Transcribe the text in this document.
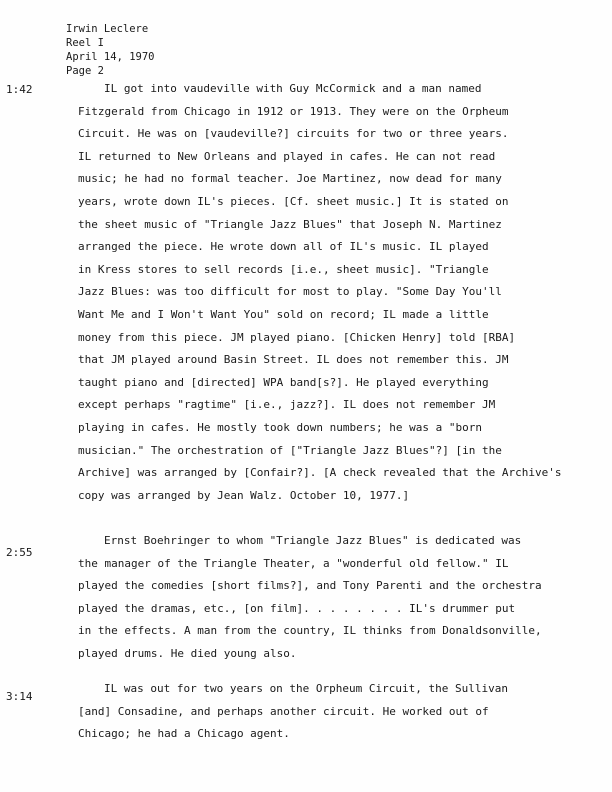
Irwin Leclere
Reel I
April 14, 1970
Page 2
1:42	IL got into vaudeville with Guy McCormick and a man named
Fitzgerald from Chicago in 1912 or 1913. They were on the Orpheum
Circuit. He was on [vaudeville?] circuits for two or three years.
IL returned to New Orleans and played in cafes. He can not read
music; he had no formal teacher. Joe Martinez, now dead for many
years, wrote down IL's pieces. [Cf. sheet music.] It is stated on
the sheet music of "Triangle Jazz Blues" that Joseph N. Martinez
arranged the piece. He wrote down all of IL's music. IL played
in Kress stores to sell records [i.e., sheet music]. "Triangle
Jazz Blues: was too difficult for most to play. "Some Day You'll
Want Me and I Won't Want You" sold on record; IL made a little
money from this piece. JM played piano. [Chicken Henry] told [RBA]
that JM played around Basin Street. IL does not remember this. JM
taught piano and [directed] WPA band[s?]. He played everything
except perhaps "ragtime" [i.e., jazz?]. IL does not remember JM
playing in cafes. He mostly took down numbers; he was a "born
musician." The orchestration of ["Triangle Jazz Blues"?] [in the
Archive] was arranged by [Confair?]. [A check revealed that the Archive's
copy was arranged by Jean Walz. October 10, 1977.]
2:55
Ernst Boehringer to whom "Triangle Jazz Blues" is dedicated was
the manager of the Triangle Theater, a "wonderful old fellow." IL
played the comedies [short films?], and Tony Parenti and the orchestra
played the dramas, etc., [on film]. . . . . . . . IL's drummer put
in the effects. A man from the country, IL thinks from Donaldsonville,
played drums. He died young also.
3:14
IL was out for two years on the Orpheum Circuit, the Sullivan
[and] Consadine, and perhaps another circuit. He worked out of
Chicago; he had a Chicago agent.
